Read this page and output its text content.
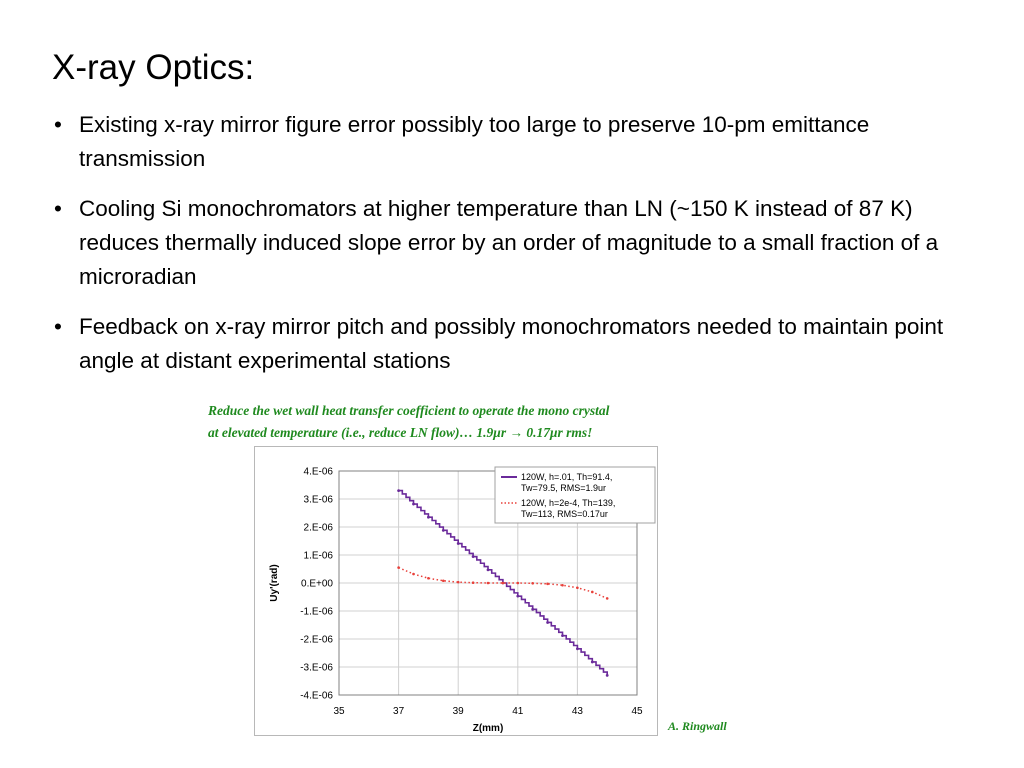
X-ray Optics:
• Existing x-ray mirror figure error possibly too large to preserve 10-pm emittance transmission
• Cooling Si monochromators at higher temperature than LN (~150 K instead of 87 K) reduces thermally induced slope error by an order of magnitude to a small fraction of a microradian
• Feedback on x-ray mirror pitch and possibly monochromators needed to maintain point angle at distant experimental stations
Reduce the wet wall heat transfer coefficient to operate the mono crystal
at elevated temperature (i.e., reduce LN flow)… 1.9μr → 0.17μr rms!
4.E-06
3.E-06
2.E-06
1.E-06
0.E+00
-1.E-06
-2.E-06
-3.E-06
-4.E-06
35	37	39	41	43	45
Z(mm)
Uy'(rad)
120W, h=.01, Th=91.4,
Tw=79.5, RMS=1.9ur
120W, h=2e-4, Th=139,
Tw=113, RMS=0.17ur
A. Ringwall
